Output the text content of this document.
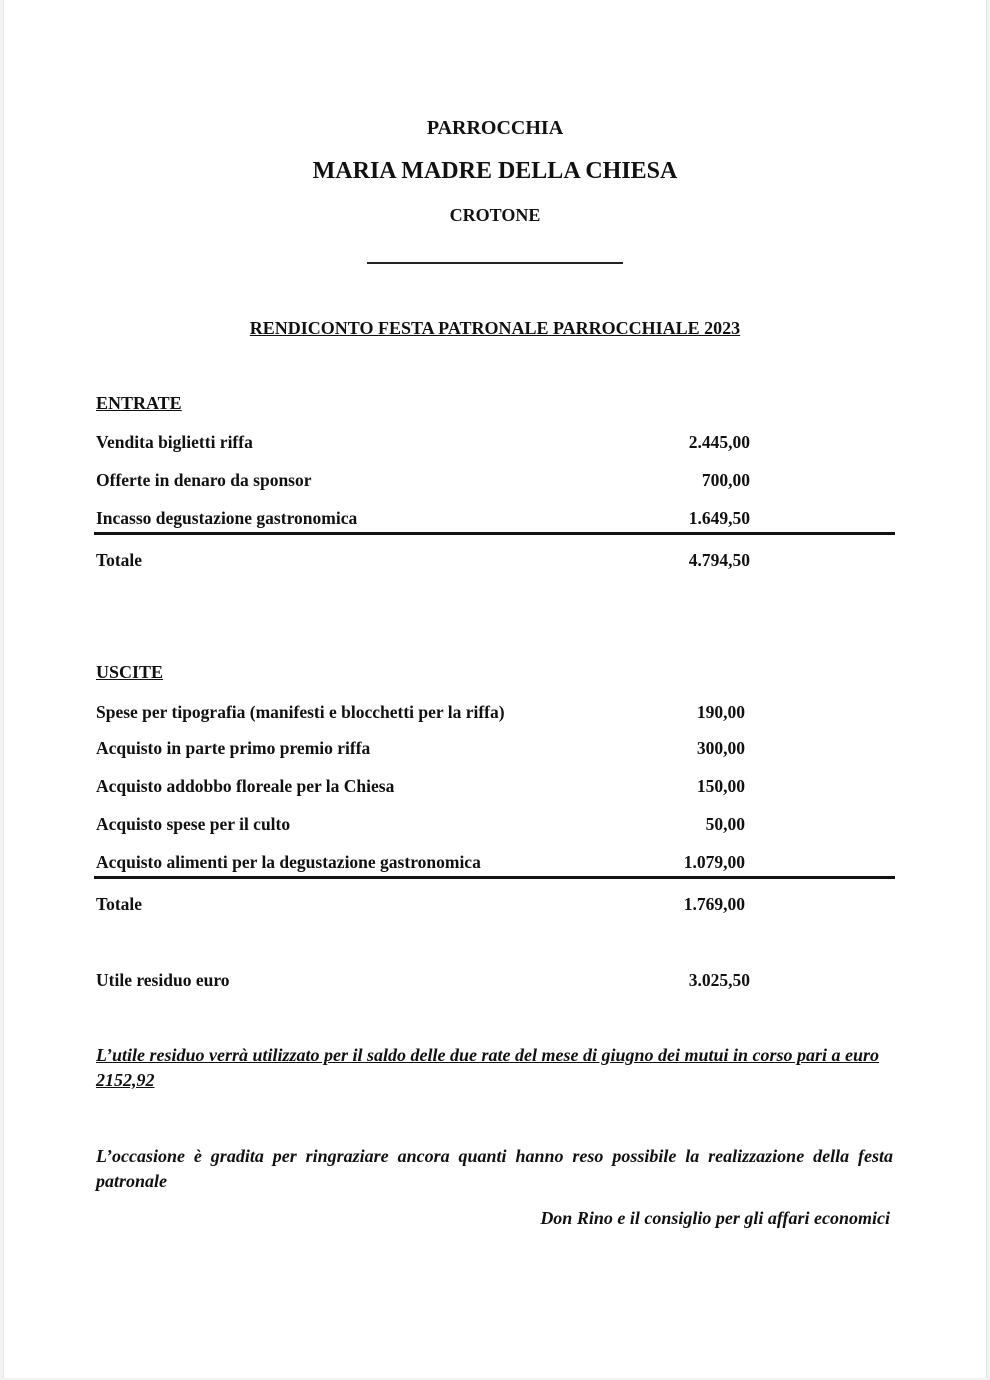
PARROCCHIA
MARIA MADRE DELLA CHIESA
CROTONE
RENDICONTO FESTA PATRONALE PARROCCHIALE 2023
ENTRATE
Vendita biglietti riffa	2.445,00
Offerte in denaro da sponsor	700,00
Incasso degustazione gastronomica	1.649,50
Totale	4.794,50
USCITE
Spese per tipografia (manifesti e blocchetti per la riffa)	190,00
Acquisto in parte primo premio riffa	300,00
Acquisto addobbo floreale per la Chiesa	150,00
Acquisto spese per il culto	50,00
Acquisto alimenti per la degustazione gastronomica	1.079,00
Totale	1.769,00
Utile residuo euro	3.025,50
L’utile residuo verrà utilizzato per il saldo delle due rate del mese di giugno dei mutui in corso pari a euro 2152,92
L’occasione è gradita per ringraziare ancora quanti hanno reso possibile la realizzazione della festa patronale
Don Rino e il consiglio per gli affari economici
